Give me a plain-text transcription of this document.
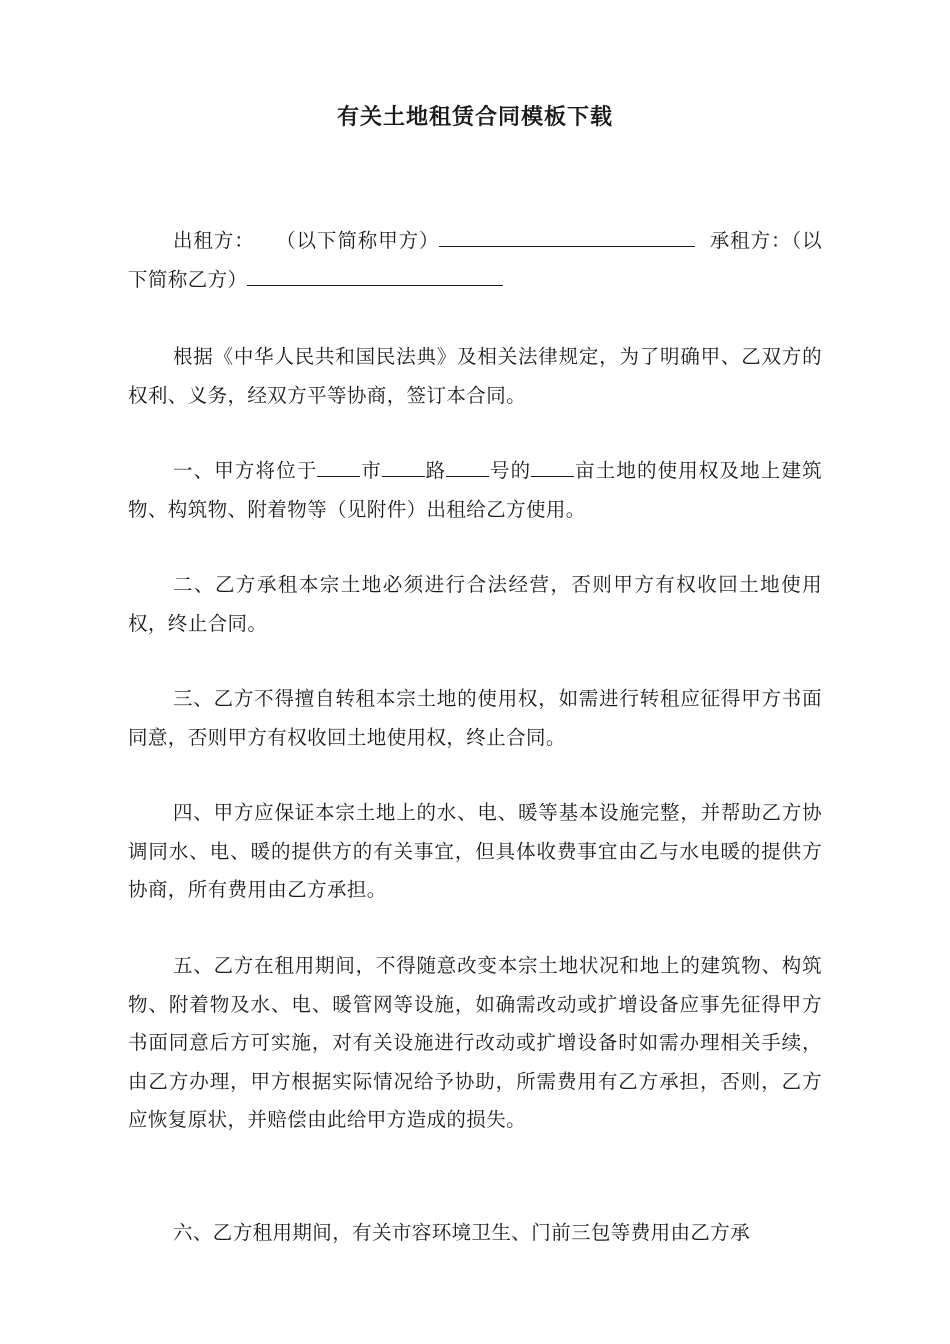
有关土地租赁合同模板下载

出租方： （以下简称甲方）	承租方：（以下简称乙方）

根据《中华人民共和国民法典》及相关法律规定，为了明确甲、乙双方的权利、义务，经双方平等协商，签订本合同。

一、甲方将位于 市 路 号的 亩土地的使用权及地上建筑物、构筑物、附着物等（见附件）出租给乙方使用。

二、乙方承租本宗土地必须进行合法经营，否则甲方有权收回土地使用权，终止合同。

三、乙方不得擅自转租本宗土地的使用权，如需进行转租应征得甲方书面同意，否则甲方有权收回土地使用权，终止合同。

四、甲方应保证本宗土地上的水、电、暖等基本设施完整，并帮助乙方协调同水、电、暖的提供方的有关事宜，但具体收费事宜由乙与水电暖的提供方协商，所有费用由乙方承担。

五、乙方在租用期间，不得随意改变本宗土地状况和地上的建筑物、构筑物、附着物及水、电、暖管网等设施，如确需改动或扩增设备应事先征得甲方书面同意后方可实施，对有关设施进行改动或扩增设备时如需办理相关手续，由乙方办理，甲方根据实际情况给予协助，所需费用有乙方承担，否则，乙方应恢复原状，并赔偿由此给甲方造成的损失。

六、乙方租用期间，有关市容环境卫生、门前三包等费用由乙方承
